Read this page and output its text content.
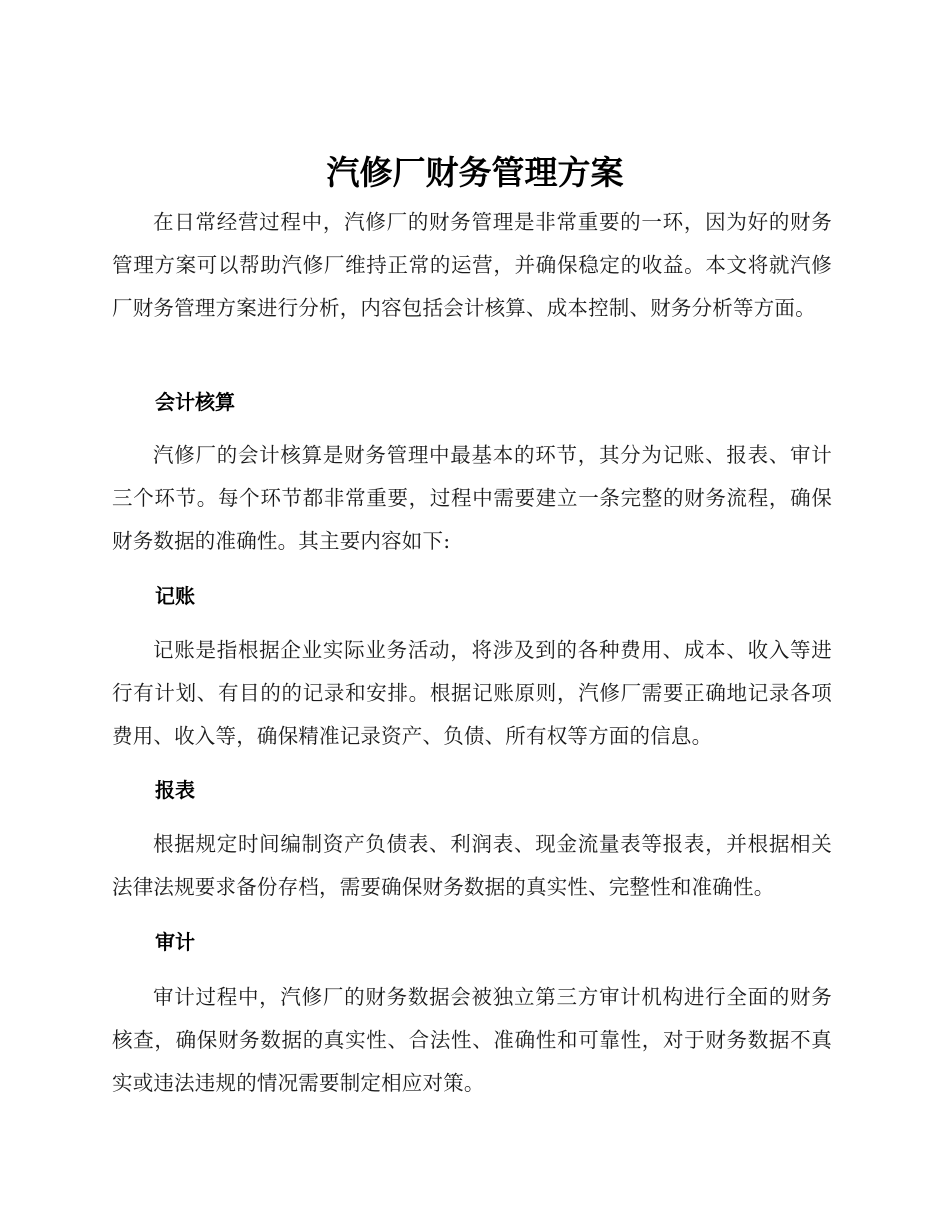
汽修厂财务管理方案

在日常经营过程中，汽修厂的财务管理是非常重要的一环，因为好的财务管理方案可以帮助汽修厂维持正常的运营，并确保稳定的收益。本文将就汽修厂财务管理方案进行分析，内容包括会计核算、成本控制、财务分析等方面。

会计核算

汽修厂的会计核算是财务管理中最基本的环节，其分为记账、报表、审计三个环节。每个环节都非常重要，过程中需要建立一条完整的财务流程，确保财务数据的准确性。其主要内容如下:

记账

记账是指根据企业实际业务活动，将涉及到的各种费用、成本、收入等进行有计划、有目的的记录和安排。根据记账原则，汽修厂需要正确地记录各项费用、收入等，确保精准记录资产、负债、所有权等方面的信息。

报表

根据规定时间编制资产负债表、利润表、现金流量表等报表，并根据相关法律法规要求备份存档，需要确保财务数据的真实性、完整性和准确性。

审计

审计过程中，汽修厂的财务数据会被独立第三方审计机构进行全面的财务核查，确保财务数据的真实性、合法性、准确性和可靠性，对于财务数据不真实或违法违规的情况需要制定相应对策。
